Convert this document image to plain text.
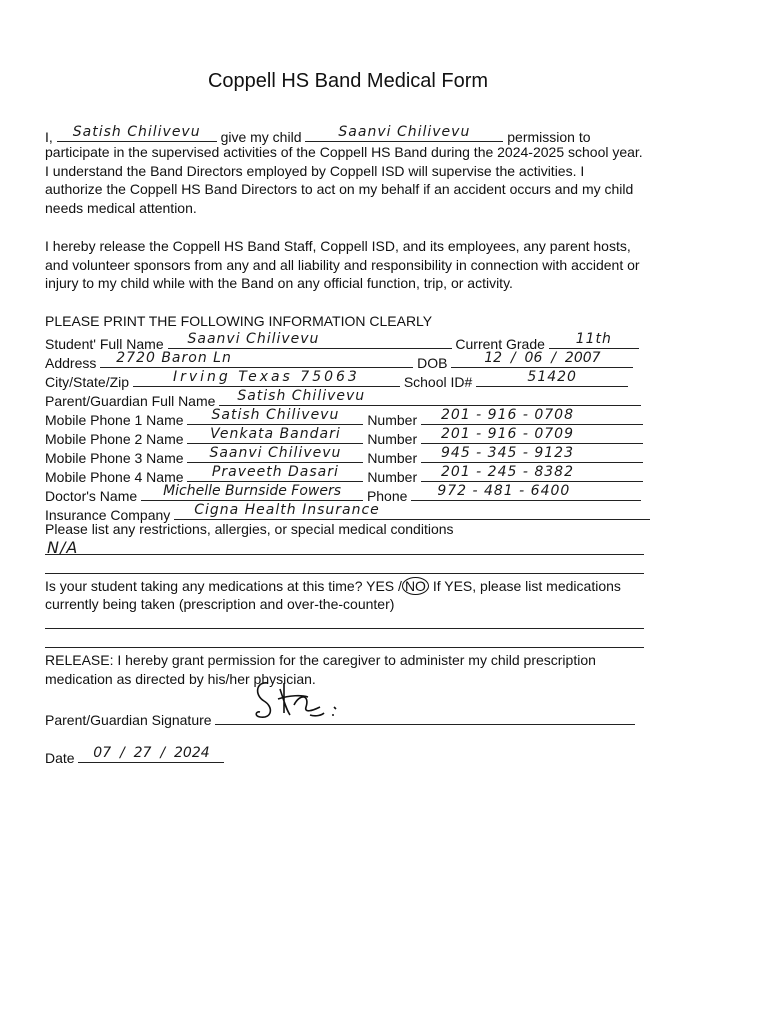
Coppell HS Band Medical Form
I,	Satish Chilivevu	give my child	Saanvi Chilivevu	permission to
participate in the supervised activities of the Coppell HS Band during the 2024-2025 school year. I understand the Band Directors employed by Coppell ISD will supervise the activities. I authorize the Coppell HS Band Directors to act on my behalf if an accident occurs and my child needs medical attention.
I hereby release the Coppell HS Band Staff, Coppell ISD, and its employees, any parent hosts, and volunteer sponsors from any and all liability and responsibility in connection with accident or injury to my child while with the Band on any official function, trip, or activity.
PLEASE PRINT THE FOLLOWING INFORMATION CLEARLY
Student' Full Name	Saanvi Chilivevu	Current Grade	11th
Address	2720 Baron Ln	DOB	12 / 06 / 2007
City/State/Zip	Irving Texas 75063	School ID#	51420
Parent/Guardian Full Name	Satish Chilivevu
Mobile Phone 1 Name	Satish Chilivevu	Number	201 - 916 - 0708
Mobile Phone 2 Name	Venkata Bandari	Number	201 - 916 - 0709
Mobile Phone 3 Name	Saanvi Chilivevu	Number	945 - 345 - 9123
Mobile Phone 4 Name	Praveeth Dasari	Number	201 - 245 - 8382
Doctor's Name	Michelle Burnside Fowers	Phone	972 - 481 - 6400
Insurance Company	Cigna Health Insurance
Please list any restrictions, allergies, or special medical conditions
N/A
Is your student taking any medications at this time? YES / NO If YES, please list medications
currently being taken (prescription and over-the-counter)
RELEASE: I hereby grant permission for the caregiver to administer my child prescription medication as directed by his/her physician.
Parent/Guardian Signature
Date	07 / 27 / 2024
